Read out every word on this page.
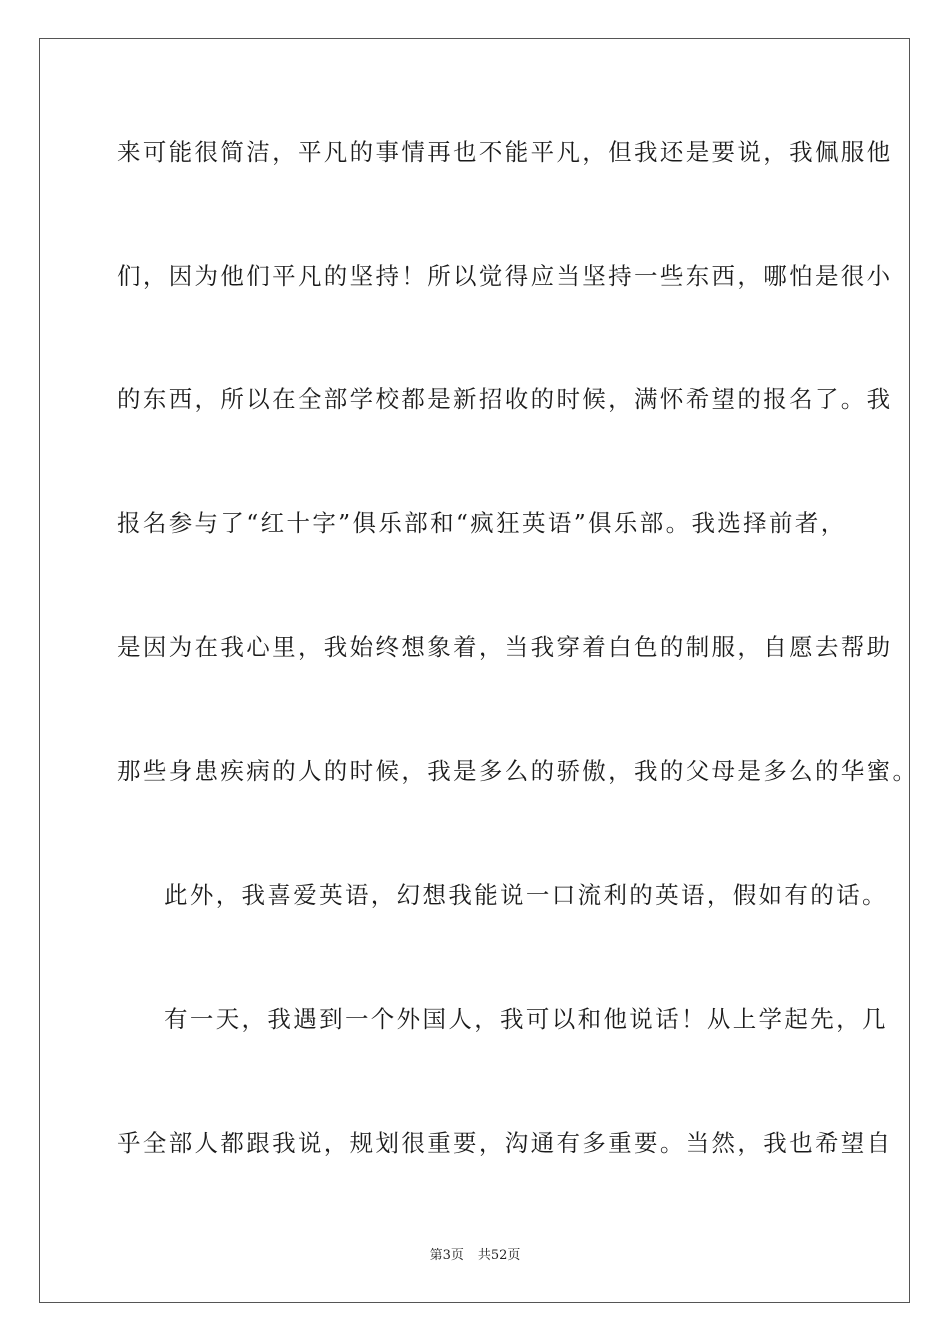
来可能很简洁，平凡的事情再也不能平凡，但我还是要说，我佩服他
们，因为他们平凡的坚持！所以觉得应当坚持一些东西，哪怕是很小
的东西，所以在全部学校都是新招收的时候，满怀希望的报名了。我
报名参与了“红十字”俱乐部和“疯狂英语”俱乐部。我选择前者，
是因为在我心里，我始终想象着，当我穿着白色的制服，自愿去帮助
那些身患疾病的人的时候，我是多么的骄傲，我的父母是多么的华蜜。
此外，我喜爱英语，幻想我能说一口流利的英语，假如有的话。
有一天，我遇到一个外国人，我可以和他说话！从上学起先，几
乎全部人都跟我说，规划很重要，沟通有多重要。当然，我也希望自
第3页 共52页
